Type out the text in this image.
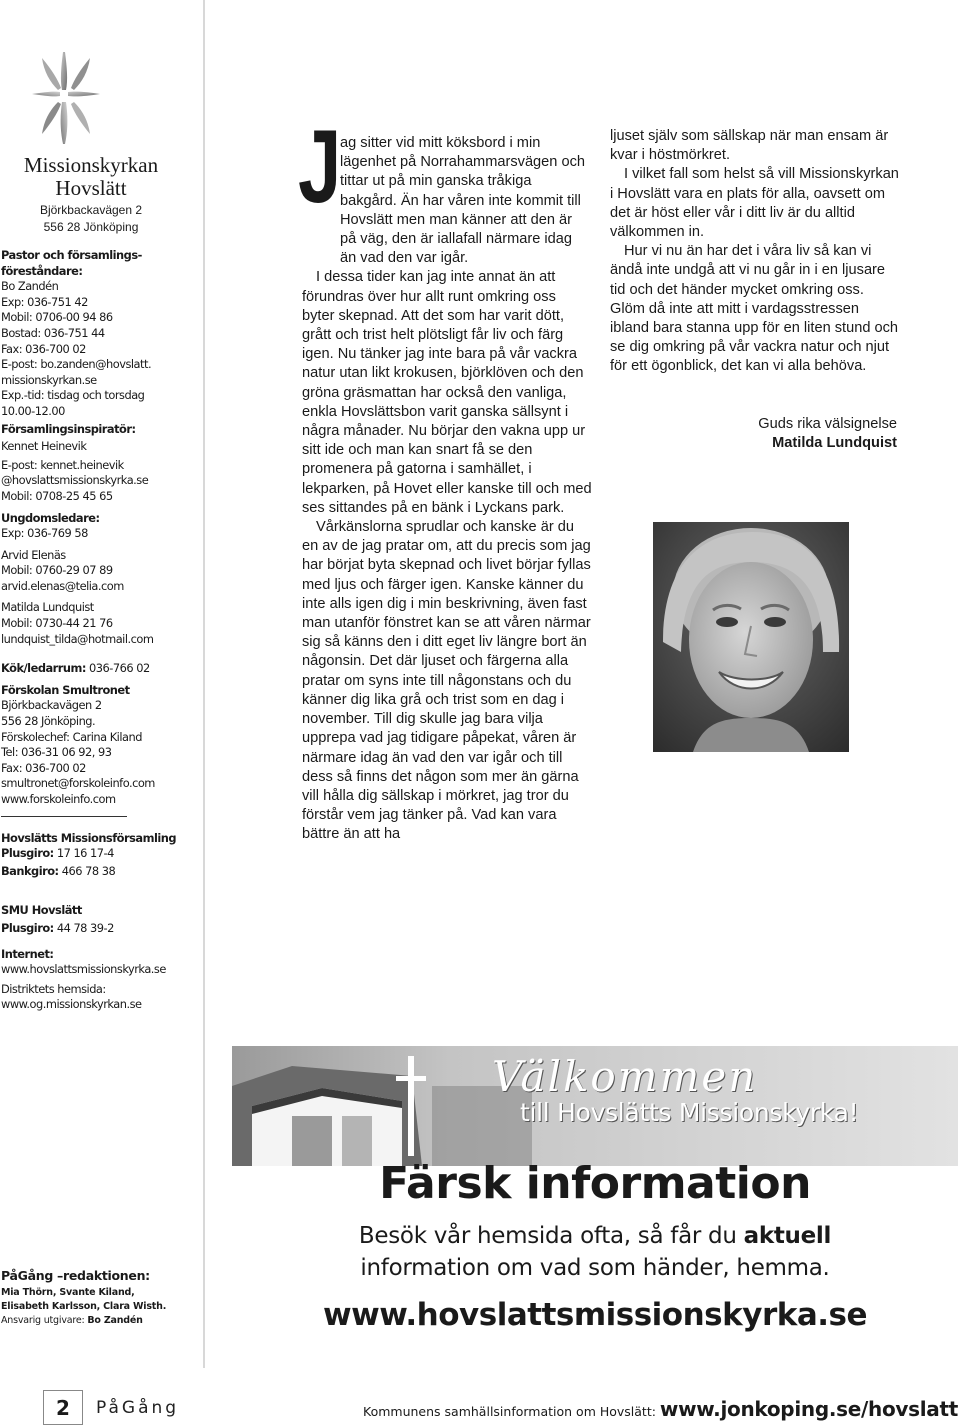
Missionskyrkan
Hovslätt
Björkbackavägen 2
556 28 Jönköping
Pastor och församlings-
föreståndare:
Bo Zandén
Exp: 036-751 42
Mobil: 0706-00 94 86
Bostad: 036-751 44
Fax: 036-700 02
E-post: bo.zanden@hovslatt.
missionskyrkan.se
Exp.-tid: tisdag och torsdag
10.00-12.00
Församlingsinspiratör:
Kennet Heinevik
E-post: kennet.heinevik
@hovslattsmissionskyrka.se
Mobil: 0708-25 45 65
Ungdomsledare:
Exp: 036-769 58
Arvid Elenäs
Mobil: 0760-29 07 89
arvid.elenas@telia.com
Matilda Lundquist
Mobil: 0730-44 21 76
lundquist_tilda@hotmail.com
Kök/ledarrum: 036-766 02
Förskolan Smultronet
Björkbackavägen 2
556 28 Jönköping.
Förskolechef: Carina Kiland
Tel: 036-31 06 92, 93
Fax: 036-700 02
smultronet@forskoleinfo.com
www.forskoleinfo.com
Hovslätts Missionsförsamling
Plusgiro: 17 16 17-4
Bankgiro: 466 78 38
SMU Hovslätt
Plusgiro: 44 78 39-2
Internet:
www.hovslattsmissionskyrka.se
Distriktets hemsida:
www.og.missionskyrkan.se
PåGång –redaktionen:
Mia Thörn, Svante Kiland,
Elisabeth Karlsson, Clara Wisth.
Ansvarig utgivare: Bo Zandén
J

ag sitter vid mitt köksbord i min lägenhet på Norrahammarsvägen och tittar ut på min ganska tråkiga bakgård. Än har våren inte kommit till Hovslätt men man känner att den är på väg, den är iallafall närmare idag än vad den var igår.

I dessa tider kan jag inte annat än att förundras över hur allt runt omkring oss byter skepnad. Att det som har varit dött, grått och trist helt plötsligt får liv och färg igen. Nu tänker jag inte bara på vår vackra natur utan likt krokusen, björklöven och den gröna gräsmattan har också den vanliga, enkla Hovslättsbon varit ganska sällsynt i några månader. Nu börjar den vakna upp ur sitt ide och man kan snart få se den promenera på gatorna i samhället, i lekparken, på Hovet eller kanske till och med ses sittandes på en bänk i Lyckans park.

Vårkänslorna sprudlar och kanske är du en av de jag pratar om, att du precis som jag har börjat byta skepnad och livet börjar fyllas med ljus och färger igen. Kanske känner du inte alls igen dig i min beskrivning, även fast man utanför fönstret kan se att våren närmar sig så känns den i ditt eget liv längre bort än någonsin. Det där ljuset och färgerna alla pratar om syns inte till någonstans och du känner dig lika grå och trist som en dag i november. Till dig skulle jag bara vilja upprepa vad jag tidigare påpekat, våren är närmare idag än vad den var igår och till dess så finns det någon som mer än gärna vill hålla dig sällskap i mörkret, jag tror du förstår vem jag tänker på. Vad kan vara bättre än att ha

ljuset själv som sällskap när man ensam är kvar i höstmörkret.

I vilket fall som helst så vill Missionskyrkan i Hovslätt vara en plats för alla, oavsett om det är höst eller vår i ditt liv är du alltid välkommen in.

Hur vi nu än har det i våra liv så kan vi ändå inte undgå att vi nu går in i en ljusare tid och det händer mycket omkring oss. Glöm då inte att mitt i vardagsstressen ibland bara stanna upp för en liten stund och se dig omkring på vår vackra natur och njut för ett ögonblick, det kan vi alla behöva.

Guds rika välsignelse
Matilda Lundquist
Välkommen
till Hovslätts Missionskyrka!
Färsk information
Besök vår hemsida ofta, så får du aktuell
information om vad som händer, hemma.
www.hovslattsmissionskyrka.se
2	PåGång	Kommunens samhällsinformation om Hovslätt: www.jonkoping.se/hovslatt
